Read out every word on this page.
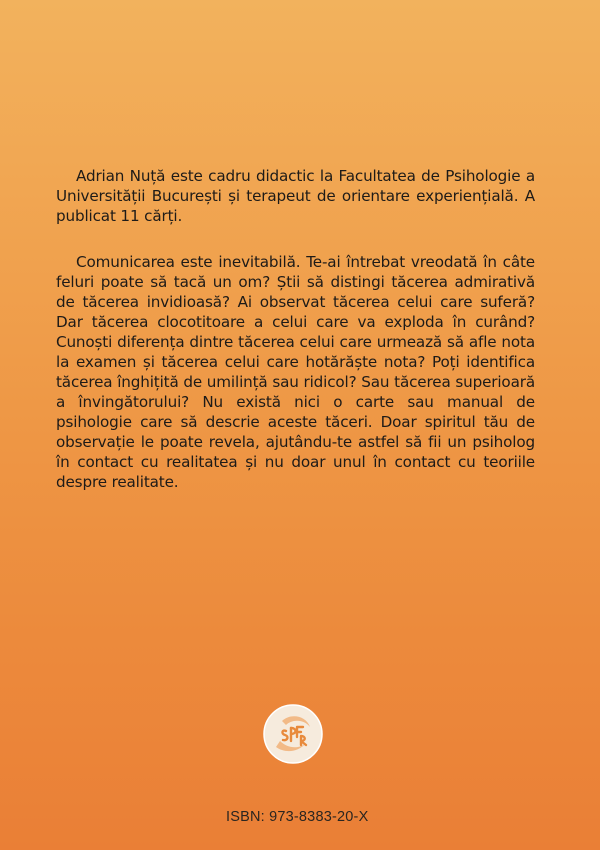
Adrian Nuță este cadru didactic la Facultatea de Psihologie a Universității București și terapeut de orientare experiențială. A publicat 11 cărți.

Comunicarea este inevitabilă. Te-ai întrebat vreodată în câte feluri poate să tacă un om? Știi să distingi tăcerea admirativă de tăcerea invidioasă? Ai observat tăcerea celui care suferă? Dar tăcerea clocotitoare a celui care va exploda în curând? Cunoști diferența dintre tăcerea celui care urmează să afle nota la examen și tăcerea celui care hotărăște nota? Poți identifica tăcerea înghițită de umilință sau ridicol? Sau tăcerea superioară a învingătorului? Nu există nici o carte sau manual de psihologie care să descrie aceste tăceri. Doar spiritul tău de observație le poate revela, ajutându-te astfel să fii un psiholog în contact cu realitatea și nu doar unul în contact cu teoriile despre realitate.

ISBN: 973-8383-20-X
